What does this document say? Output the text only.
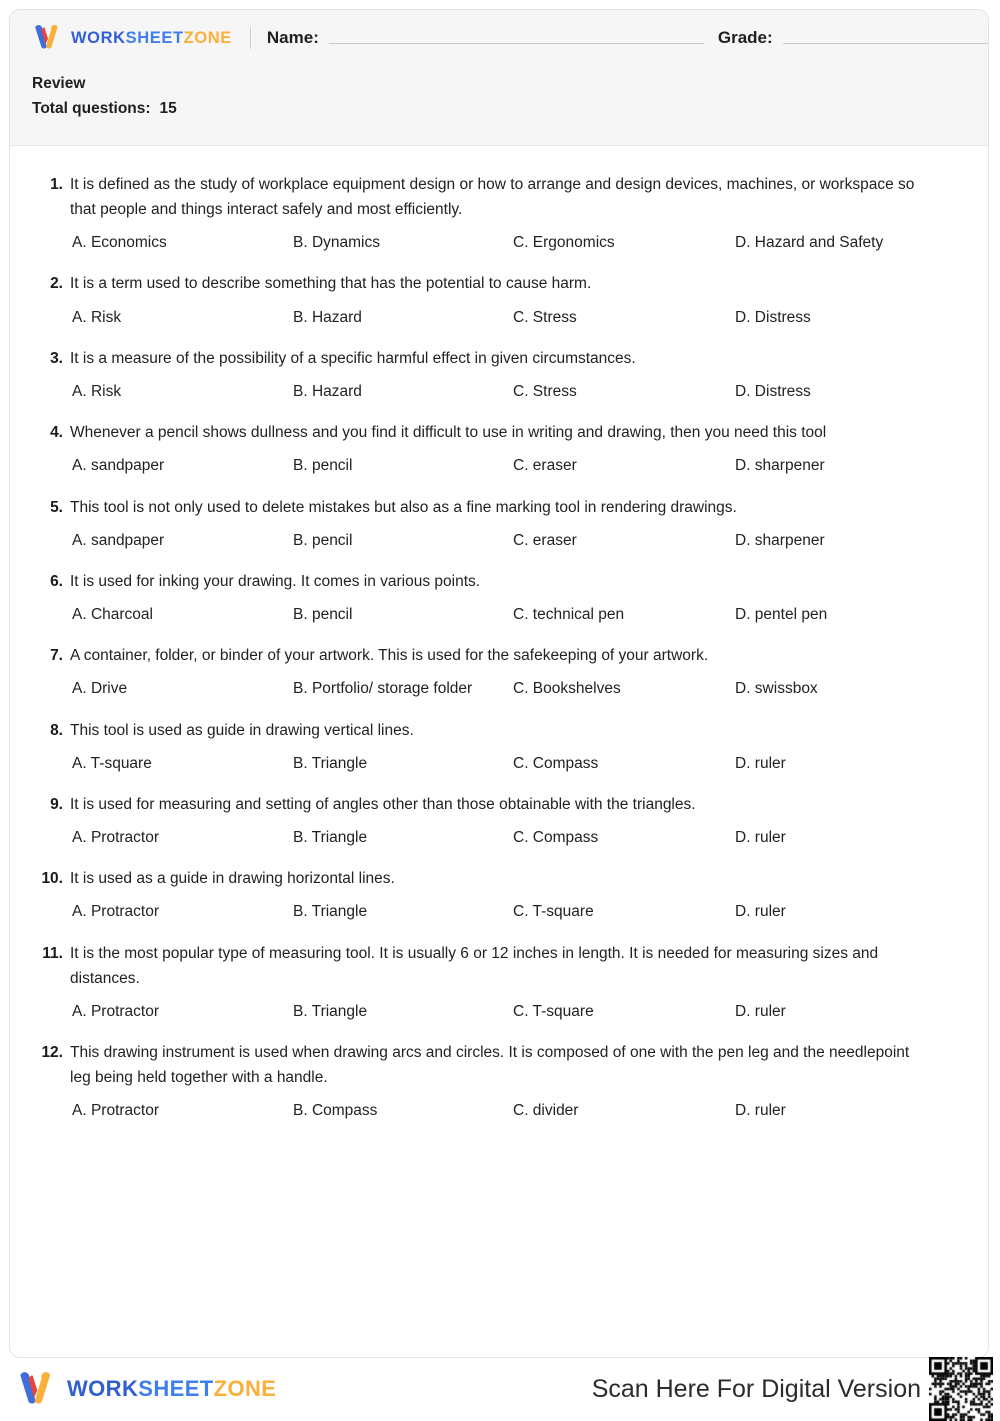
WORKSHEETZONE Name:	Grade:
Review
Total questions: 15
1. It is defined as the study of workplace equipment design or how to arrange and design devices, machines, or workspace so that people and things interact safely and most efficiently.
A. Economics	B. Dynamics	C. Ergonomics	D. Hazard and Safety
2. It is a term used to describe something that has the potential to cause harm.
A. Risk	B. Hazard	C. Stress	D. Distress
3. It is a measure of the possibility of a specific harmful effect in given circumstances.
A. Risk	B. Hazard	C. Stress	D. Distress
4. Whenever a pencil shows dullness and you find it difficult to use in writing and drawing, then you need this tool
A. sandpaper	B. pencil	C. eraser	D. sharpener
5. This tool is not only used to delete mistakes but also as a fine marking tool in rendering drawings.
A. sandpaper	B. pencil	C. eraser	D. sharpener
6. It is used for inking your drawing. It comes in various points.
A. Charcoal	B. pencil	C. technical pen	D. pentel pen
7. A container, folder, or binder of your artwork. This is used for the safekeeping of your artwork.
A. Drive	B. Portfolio/ storage folder	C. Bookshelves	D. swissbox
8. This tool is used as guide in drawing vertical lines.
A. T-square	B. Triangle	C. Compass	D. ruler
9. It is used for measuring and setting of angles other than those obtainable with the triangles.
A. Protractor	B. Triangle	C. Compass	D. ruler
10. It is used as a guide in drawing horizontal lines.
A. Protractor	B. Triangle	C. T-square	D. ruler
11. It is the most popular type of measuring tool. It is usually 6 or 12 inches in length. It is needed for measuring sizes and distances.
A. Protractor	B. Triangle	C. T-square	D. ruler
12. This drawing instrument is used when drawing arcs and circles. It is composed of one with the pen leg and the needlepoint leg being held together with a handle.
A. Protractor	B. Compass	C. divider	D. ruler
WORKSHEETZONE	Scan Here For Digital Version
